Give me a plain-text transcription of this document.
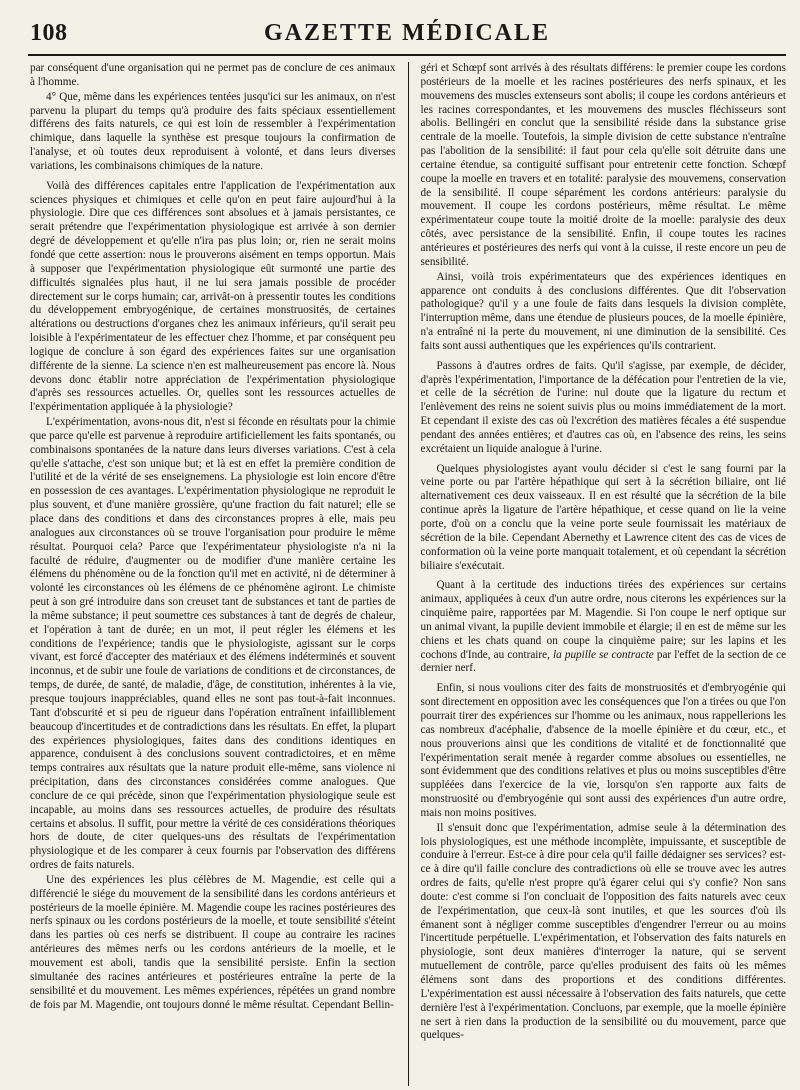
108	GAZETTE MÉDICALE

par conséquent d'une organisation qui ne permet pas de conclure de ces animaux à l'homme.

4° Que, même dans les expériences tentées jusqu'ici sur les animaux, on n'est parvenu la plupart du temps qu'à produire des faits spéciaux essentiellement différens des faits naturels, ce qui est loin de ressembler à l'expérimentation chimique, dans laquelle la synthèse est presque toujours la confirmation de l'analyse, et où toutes deux reproduisent à volonté, et dans leurs diverses variations, les combinaisons chimiques de la nature.

Voilà des différences capitales entre l'application de l'expérimentation aux sciences physiques et chimiques et celle qu'on en peut faire aujourd'hui à la physiologie. Dire que ces différences sont absolues et à jamais persistantes, ce serait prétendre que l'expérimentation physiologique est arrivée à son dernier degré de développement et qu'elle n'ira pas plus loin; or, rien ne serait moins fondé que cette assertion: nous le prouverons aisément en temps opportun. Mais à supposer que l'expérimentation physiologique eût surmonté une partie des difficultés signalées plus haut, il ne lui sera jamais possible de procéder directement sur le corps humain; car, arrivât-on à pressentir toutes les conditions du développement embryogénique, de certaines monstruosités, de certaines altérations ou destructions d'organes chez les animaux inférieurs, qu'il serait peu loisible à l'expérimentateur de les effectuer chez l'homme, et par conséquent peu logique de conclure à son égard des expériences faites sur une organisation différente de la sienne. La science n'en est malheureusement pas encore là. Nous devons donc établir notre appréciation de l'expérimentation physiologique d'après ses ressources actuelles. Or, quelles sont les ressources actuelles de l'expérimentation appliquée à la physiologie?

L'expérimentation, avons-nous dit, n'est si féconde en résultats pour la chimie que parce qu'elle est parvenue à reproduire artificiellement les faits spontanés, ou combinaisons spontanées de la nature dans leurs diverses variations. C'est à cela qu'elle s'attache, c'est son unique but; et là est en effet la première condition de l'utilité et de la vérité de ses enseignemens. La physiologie est loin encore d'être en possession de ces avantages. L'expérimentation physiologique ne reproduit le plus souvent, et d'une manière grossière, qu'une fraction du fait naturel; elle se place dans des conditions et dans des circonstances propres à elle, mais peu analogues aux circonstances où se trouve l'organisation pour produire le même résultat. Pourquoi cela? Parce que l'expérimentateur physiologiste n'a ni la faculté de réduire, d'augmenter ou de modifier d'une manière certaine les élémens du phénomène ou de la fonction qu'il met en activité, ni de déterminer à volonté les circonstances où les élémens de ce phénomène agiront. Le chimiste peut à son gré introduire dans son creuset tant de substances et tant de parties de la même substance; il peut soumettre ces substances à tant de degrés de chaleur, et l'opération à tant de durée; en un mot, il peut régler les élémens et les conditions de l'expérience; tandis que le physiologiste, agissant sur le corps vivant, est forcé d'accepter des matériaux et des élémens indéterminés et souvent inconnus, et de subir une foule de variations de conditions et de circonstances, de temps, de durée, de santé, de maladie, d'âge, de constitution, inhérentes à la vie, presque toujours inappréciables, quand elles ne sont pas tout-à-fait inconnues. Tant d'obscurité et si peu de rigueur dans l'opération entraînent infailliblement beaucoup d'incertitudes et de contradictions dans les résultats. En effet, la plupart des expériences physiologiques, faites dans des conditions identiques en apparence, conduisent à des conclusions souvent contradictoires, et en même temps contraires aux résultats que la nature produit elle-même, sans violence ni précipitation, dans des circonstances considérées comme analogues. Que conclure de ce qui précède, sinon que l'expérimentation physiologique seule est incapable, au moins dans ses ressources actuelles, de produire des résultats certains et absolus. Il suffit, pour mettre la vérité de ces considérations théoriques hors de doute, de citer quelques-uns des résultats de l'expérimentation physiologique et de les comparer à ceux fournis par l'observation des différens ordres de faits naturels.

Une des expériences les plus célèbres de M. Magendie, est celle qui a différencié le siége du mouvement de la sensibilité dans les cordons antérieurs et postérieurs de la moelle épinière. M. Magendie coupe les racines postérieures des nerfs spinaux ou les cordons postérieurs de la moelle, et toute sensibilité s'éteint dans les parties où ces nerfs se distribuent. Il coupe au contraire les racines antérieures des mêmes nerfs ou les cordons antérieurs de la moelle, et le mouvement est aboli, tandis que la sensibilité persiste. Enfin la section simultanée des racines antérieures et postérieures entraîne la perte de la sensibilité et du mouvement. Les mêmes expériences, répétées un grand nombre de fois par M. Magendie, ont toujours donné le même résultat. Cependant Bellin-

géri et Schœpf sont arrivés à des résultats différens: le premier coupe les cordons postérieurs de la moelle et les racines postérieures des nerfs spinaux, et les mouvemens des muscles extenseurs sont abolis; il coupe les cordons antérieurs et les racines correspondantes, et les mouvemens des muscles fléchisseurs sont abolis. Bellingéri en conclut que la sensibilité réside dans la substance grise centrale de la moelle. Toutefois, la simple division de cette substance n'entraîne pas l'abolition de la sensibilité: il faut pour cela qu'elle soit détruite dans une certaine étendue, sa contiguité suffisant pour entretenir cette fonction. Schœpf coupe la moelle en travers et en totalité: paralysie des mouvemens, conservation de la sensibilité. Il coupe séparément les cordons antérieurs: paralysie du mouvement. Il coupe les cordons postérieurs, même résultat. Le même expérimentateur coupe toute la moitié droite de la moelle: paralysie des deux côtés, avec persistance de la sensibilité. Enfin, il coupe toutes les racines antérieures et postérieures des nerfs qui vont à la cuisse, il reste encore un peu de sensibilité.

Ainsi, voilà trois expérimentateurs que des expériences identiques en apparence ont conduits à des conclusions différentes. Que dit l'observation pathologique? qu'il y a une foule de faits dans lesquels la division complète, l'interruption même, dans une étendue de plusieurs pouces, de la moelle épinière, n'a entraîné ni la perte du mouvement, ni une diminution de la sensibilité. Ces faits sont aussi authentiques que les expériences qu'ils contrarient.

Passons à d'autres ordres de faits. Qu'il s'agisse, par exemple, de décider, d'après l'expérimentation, l'importance de la défécation pour l'entretien de la vie, et celle de la sécrétion de l'urine: nul doute que la ligature du rectum et l'enlèvement des reins ne soient suivis plus ou moins immédiatement de la mort. Et cependant il existe des cas où l'excrétion des matières fécales a été suspendue pendant des années entières; et d'autres cas où, en l'absence des reins, les seins excrétaient un liquide analogue à l'urine.

Quelques physiologistes ayant voulu décider si c'est le sang fourni par la veine porte ou par l'artère hépathique qui sert à la sécrétion biliaire, ont lié alternativement ces deux vaisseaux. Il en est résulté que la sécrétion de la bile continue après la ligature de l'artère hépathique, et cesse quand on lie la veine porte, d'où on a conclu que la veine porte seule fournissait les matériaux de sécrétion de la bile. Cependant Abernethy et Lawrence citent des cas de vices de conformation où la veine porte manquait totalement, et où cependant la sécrétion biliaire s'exécutait.

Quant à la certitude des inductions tirées des expériences sur certains animaux, appliquées à ceux d'un autre ordre, nous citerons les expériences sur la cinquième paire, rapportées par M. Magendie. Si l'on coupe le nerf optique sur un animal vivant, la pupille devient immobile et élargie; il en est de même sur les chiens et les chats quand on coupe la cinquième paire; sur les lapins et les cochons d'Inde, au contraire, la pupille se contracte par l'effet de la section de ce dernier nerf.

Enfin, si nous voulions citer des faits de monstruosités et d'embryogénie qui sont directement en opposition avec les conséquences que l'on a tirées ou que l'on pourrait tirer des expériences sur l'homme ou les animaux, nous rappellerions les cas nombreux d'acéphalie, d'absence de la moelle épinière et du cœur, etc., et nous prouverions ainsi que les conditions de vitalité et de fonctionnalité que l'expérimentation serait menée à regarder comme absolues ou essentielles, ne sont évidemment que des conditions relatives et plus ou moins susceptibles d'être suppléées dans l'exercice de la vie, lorsqu'on s'en rapporte aux faits de monstruosité ou d'embryogénie qui sont aussi des expériences d'un autre ordre, mais non moins positives.

Il s'ensuit donc que l'expérimentation, admise seule à la détermination des lois physiologiques, est une méthode incomplète, impuissante, et susceptible de conduire à l'erreur. Est-ce à dire pour cela qu'il faille dédaigner ses services? est-ce à dire qu'il faille conclure des contradictions où elle se trouve avec les autres ordres de faits, qu'elle n'est propre qu'à égarer celui qui s'y confie? Non sans doute: c'est comme si l'on concluait de l'opposition des faits naturels avec ceux de l'expérimentation, que ceux-là sont inutiles, et que les sources d'où ils émanent sont à négliger comme susceptibles d'engendrer l'erreur ou au moins l'incertitude perpétuelle. L'expérimentation, et l'observation des faits naturels en physiologie, sont deux manières d'interroger la nature, qui se servent mutuellement de contrôle, parce qu'elles produisent des faits où les mêmes élémens sont dans des proportions et des conditions différentes. L'expérimentation est aussi nécessaire à l'observation des faits naturels, que cette dernière l'est à l'expérimentation. Concluons, par exemple, que la moelle épinière ne sert à rien dans la production de la sensibilité ou du mouvement, parce que quelques-
